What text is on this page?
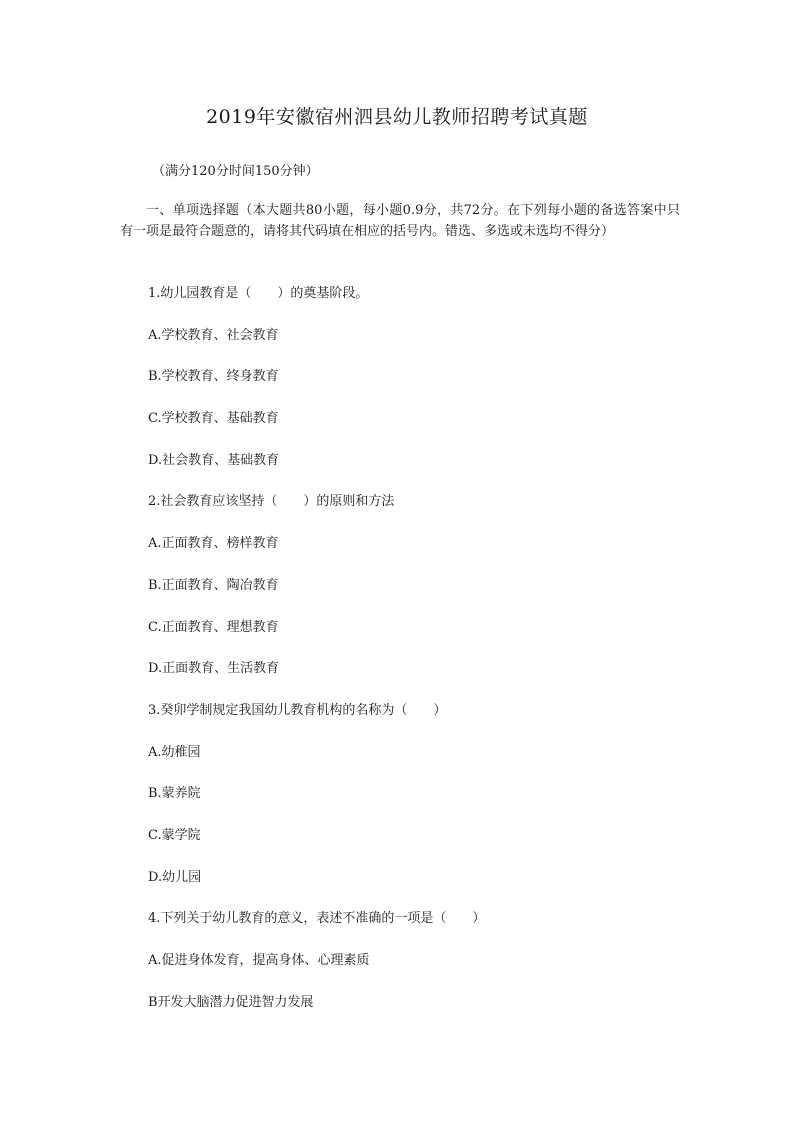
2019年安徽宿州泗县幼儿教师招聘考试真题
（满分120分时间150分钟）
一、单项选择题（本大题共80小题，每小题0.9分，共72分。在下列每小题的备选答案中只有一项是最符合题意的，请将其代码填在相应的括号内。错选、多选或未选均不得分）
1.幼儿园教育是（　　）的奠基阶段。
A.学校教育、社会教育
B.学校教育、终身教育
C.学校教育、基础教育
D.社会教育、基础教育
2.社会教育应该坚持（　　）的原则和方法
A.正面教育、榜样教育
B.正面教育、陶冶教育
C.正面教育、理想教育
D.正面教育、生活教育
3.癸卯学制规定我国幼儿教育机构的名称为（　　）
A.幼稚园
B.蒙养院
C.蒙学院
D.幼儿园
4.下列关于幼儿教育的意义，表述不准确的一项是（　　）
A.促进身体发育，提高身体、心理素质
B开发大脑潜力促进智力发展
